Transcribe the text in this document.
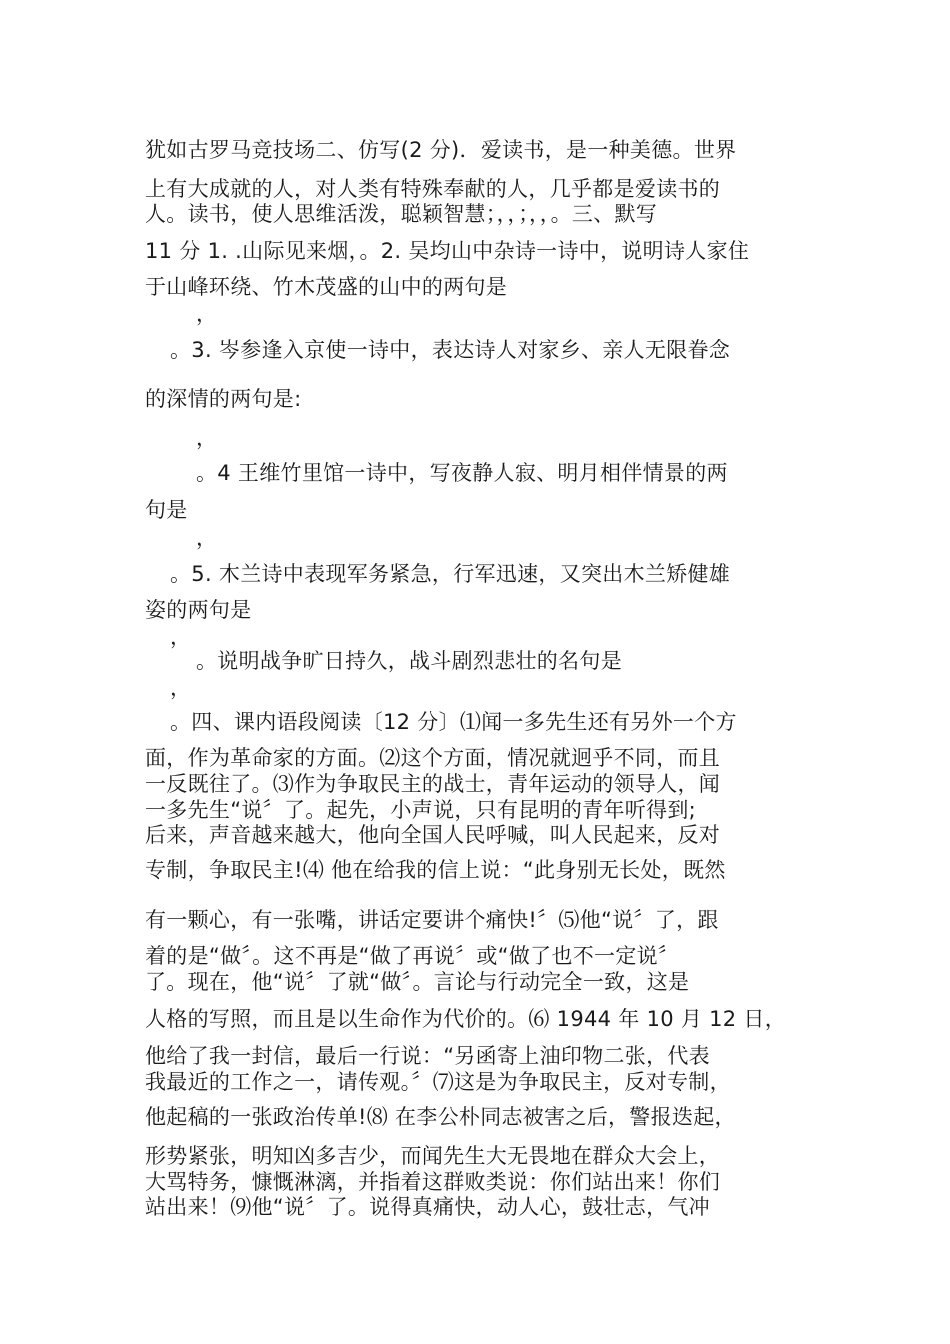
犹如古罗马竞技场二、仿写(2 分)．爱读书，是一种美德。世界
上有大成就的人，对人类有特殊奉献的人，几乎都是爱读书的
人。读书，使人思维活泼，聪颖智慧；，，；，，。三、默写
11 分 1. .山际见来烟，。2. 吴均山中杂诗一诗中，说明诗人家住
于山峰环绕、竹木茂盛的山中的两句是
，
。3. 岑参逢入京使一诗中，表达诗人对家乡、亲人无限眷念
的深情的两句是:
，
。4 王维竹里馆一诗中，写夜静人寂、明月相伴情景的两
句是
，
。5. 木兰诗中表现军务紧急，行军迅速，又突出木兰矫健雄
姿的两句是
，
。说明战争旷日持久，战斗剧烈悲壮的名句是
，
。四、课内语段阅读〔12 分〕⑴闻一多先生还有另外一个方
面，作为革命家的方面。⑵这个方面，情况就迥乎不同，而且
一反既往了。⑶作为争取民主的战士，青年运动的领导人，闻
一多先生“说〞了。起先，小声说，只有昆明的青年听得到;
后来，声音越来越大，他向全国人民呼喊，叫人民起来，反对
专制，争取民主!⑷ 他在给我的信上说：“此身别无长处，既然
有一颗心，有一张嘴，讲话定要讲个痛快!〞⑸他“说〞了，跟
着的是“做〞。这不再是“做了再说〞或“做了也不一定说〞
了。现在，他“说〞了就“做〞。言论与行动完全一致，这是
人格的写照，而且是以生命作为代价的。⑹ 1944 年 10 月 12 日，
他给了我一封信，最后一行说：“另函寄上油印物二张，代表
我最近的工作之一，请传观。〞⑺这是为争取民主，反对专制，
他起稿的一张政治传单!⑻ 在李公朴同志被害之后，警报迭起，
形势紧张，明知凶多吉少，而闻先生大无畏地在群众大会上，
大骂特务，慷慨淋漓，并指着这群败类说：你们站出来！你们
站出来！⑼他“说〞了。说得真痛快，动人心，鼓壮志，气冲
